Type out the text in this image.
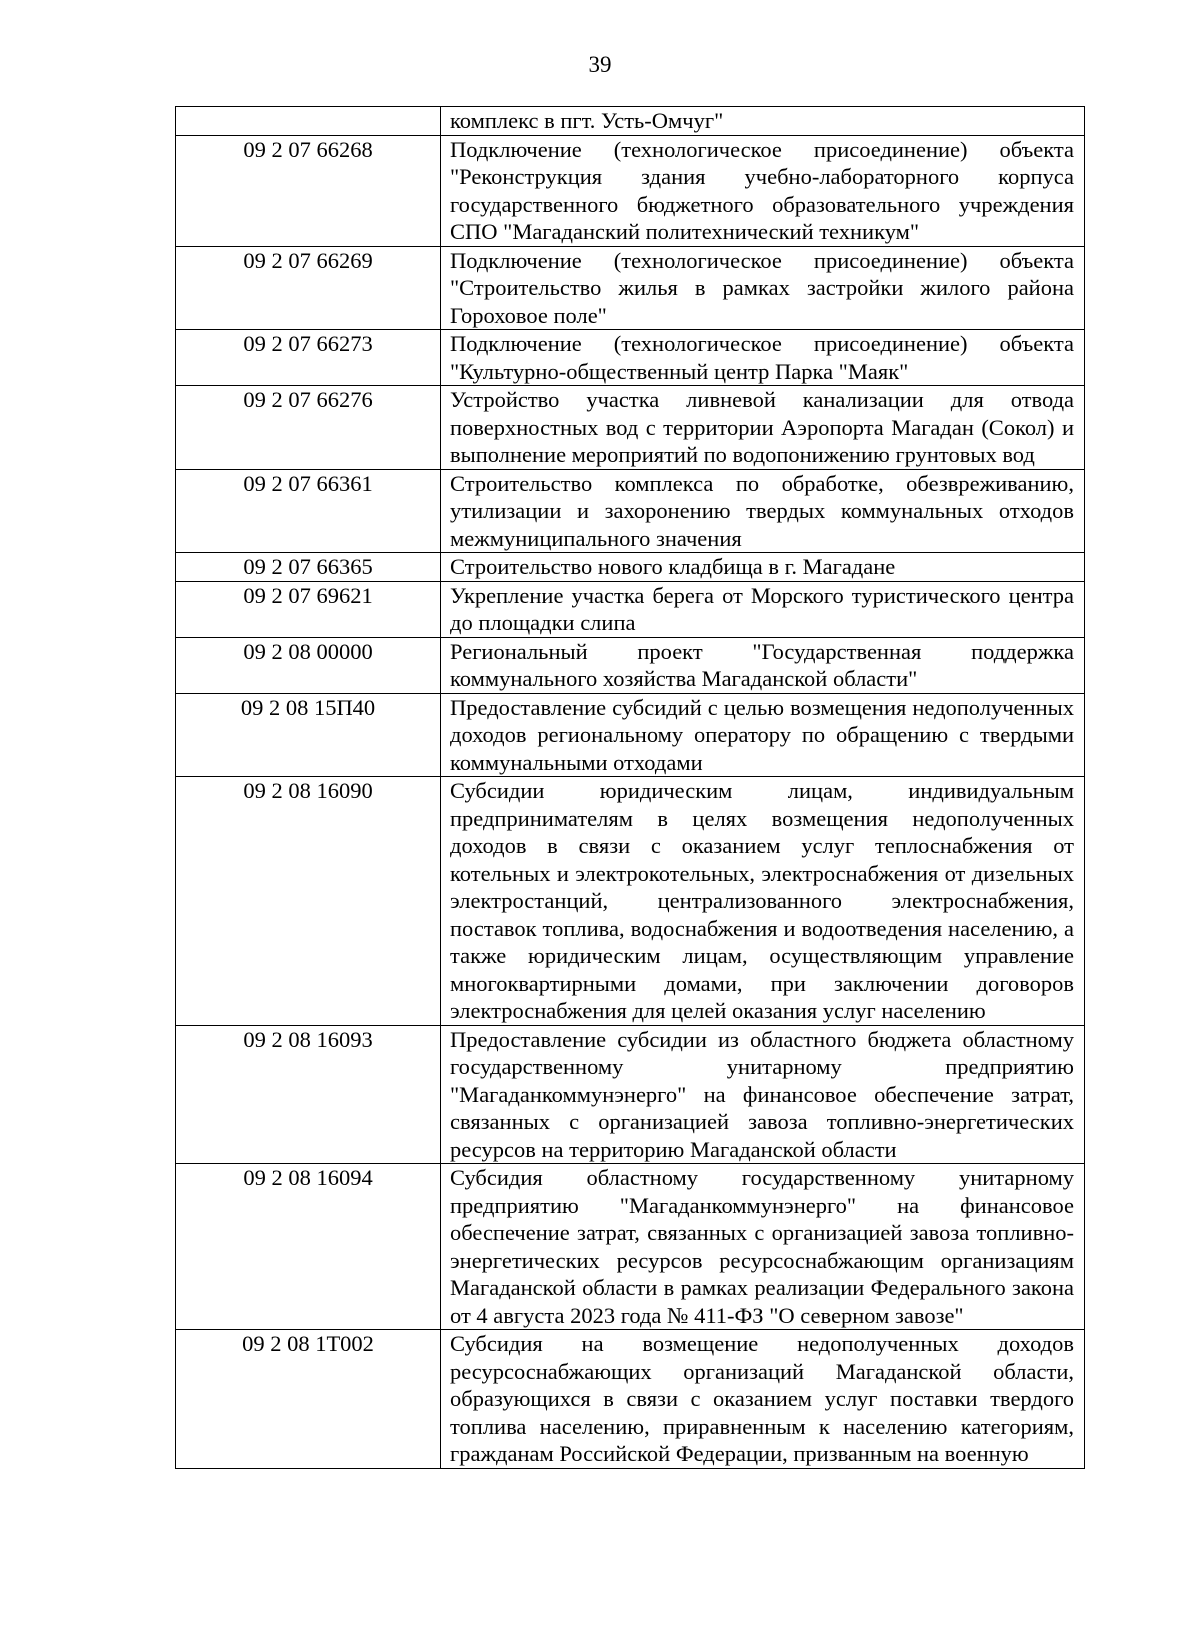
39
	комплекс в пгт. Усть-Омчуг"
09 2 07 66268	Подключение (технологическое присоединение) объекта "Реконструкция здания учебно-лабораторного корпуса государственного бюджетного образовательного учреждения СПО "Магаданский политехнический техникум"
09 2 07 66269	Подключение (технологическое присоединение) объекта "Строительство жилья в рамках застройки жилого района Гороховое поле"
09 2 07 66273	Подключение (технологическое присоединение) объекта "Культурно-общественный центр Парка "Маяк"
09 2 07 66276	Устройство участка ливневой канализации для отвода поверхностных вод с территории Аэропорта Магадан (Сокол) и выполнение мероприятий по водопонижению грунтовых вод
09 2 07 66361	Строительство комплекса по обработке, обезвреживанию, утилизации и захоронению твердых коммунальных отходов межмуниципального значения
09 2 07 66365	Строительство нового кладбища в г. Магадане
09 2 07 69621	Укрепление участка берега от Морского туристического центра до площадки слипа
09 2 08 00000	Региональный проект "Государственная поддержка коммунального хозяйства Магаданской области"
09 2 08 15П40	Предоставление субсидий с целью возмещения недополученных доходов региональному оператору по обращению с твердыми коммунальными отходами
09 2 08 16090	Субсидии юридическим лицам, индивидуальным предпринимателям в целях возмещения недополученных доходов в связи с оказанием услуг теплоснабжения от котельных и электрокотельных, электроснабжения от дизельных электростанций, централизованного электроснабжения, поставок топлива, водоснабжения и водоотведения населению, а также юридическим лицам, осуществляющим управление многоквартирными домами, при заключении договоров электроснабжения для целей оказания услуг населению
09 2 08 16093	Предоставление субсидии из областного бюджета областному государственному унитарному предприятию "Магаданкоммунэнерго" на финансовое обеспечение затрат, связанных с организацией завоза топливно-энергетических ресурсов на территорию Магаданской области
09 2 08 16094	Субсидия областному государственному унитарному предприятию "Магаданкоммунэнерго" на финансовое обеспечение затрат, связанных с организацией завоза топливно-энергетических ресурсов ресурсоснабжающим организациям Магаданской области в рамках реализации Федерального закона от 4 августа 2023 года № 411-ФЗ "О северном завозе"
09 2 08 1Т002	Субсидия на возмещение недополученных доходов ресурсоснабжающих организаций Магаданской области, образующихся в связи с оказанием услуг поставки твердого топлива населению, приравненным к населению категориям, гражданам Российской Федерации, призванным на военную
